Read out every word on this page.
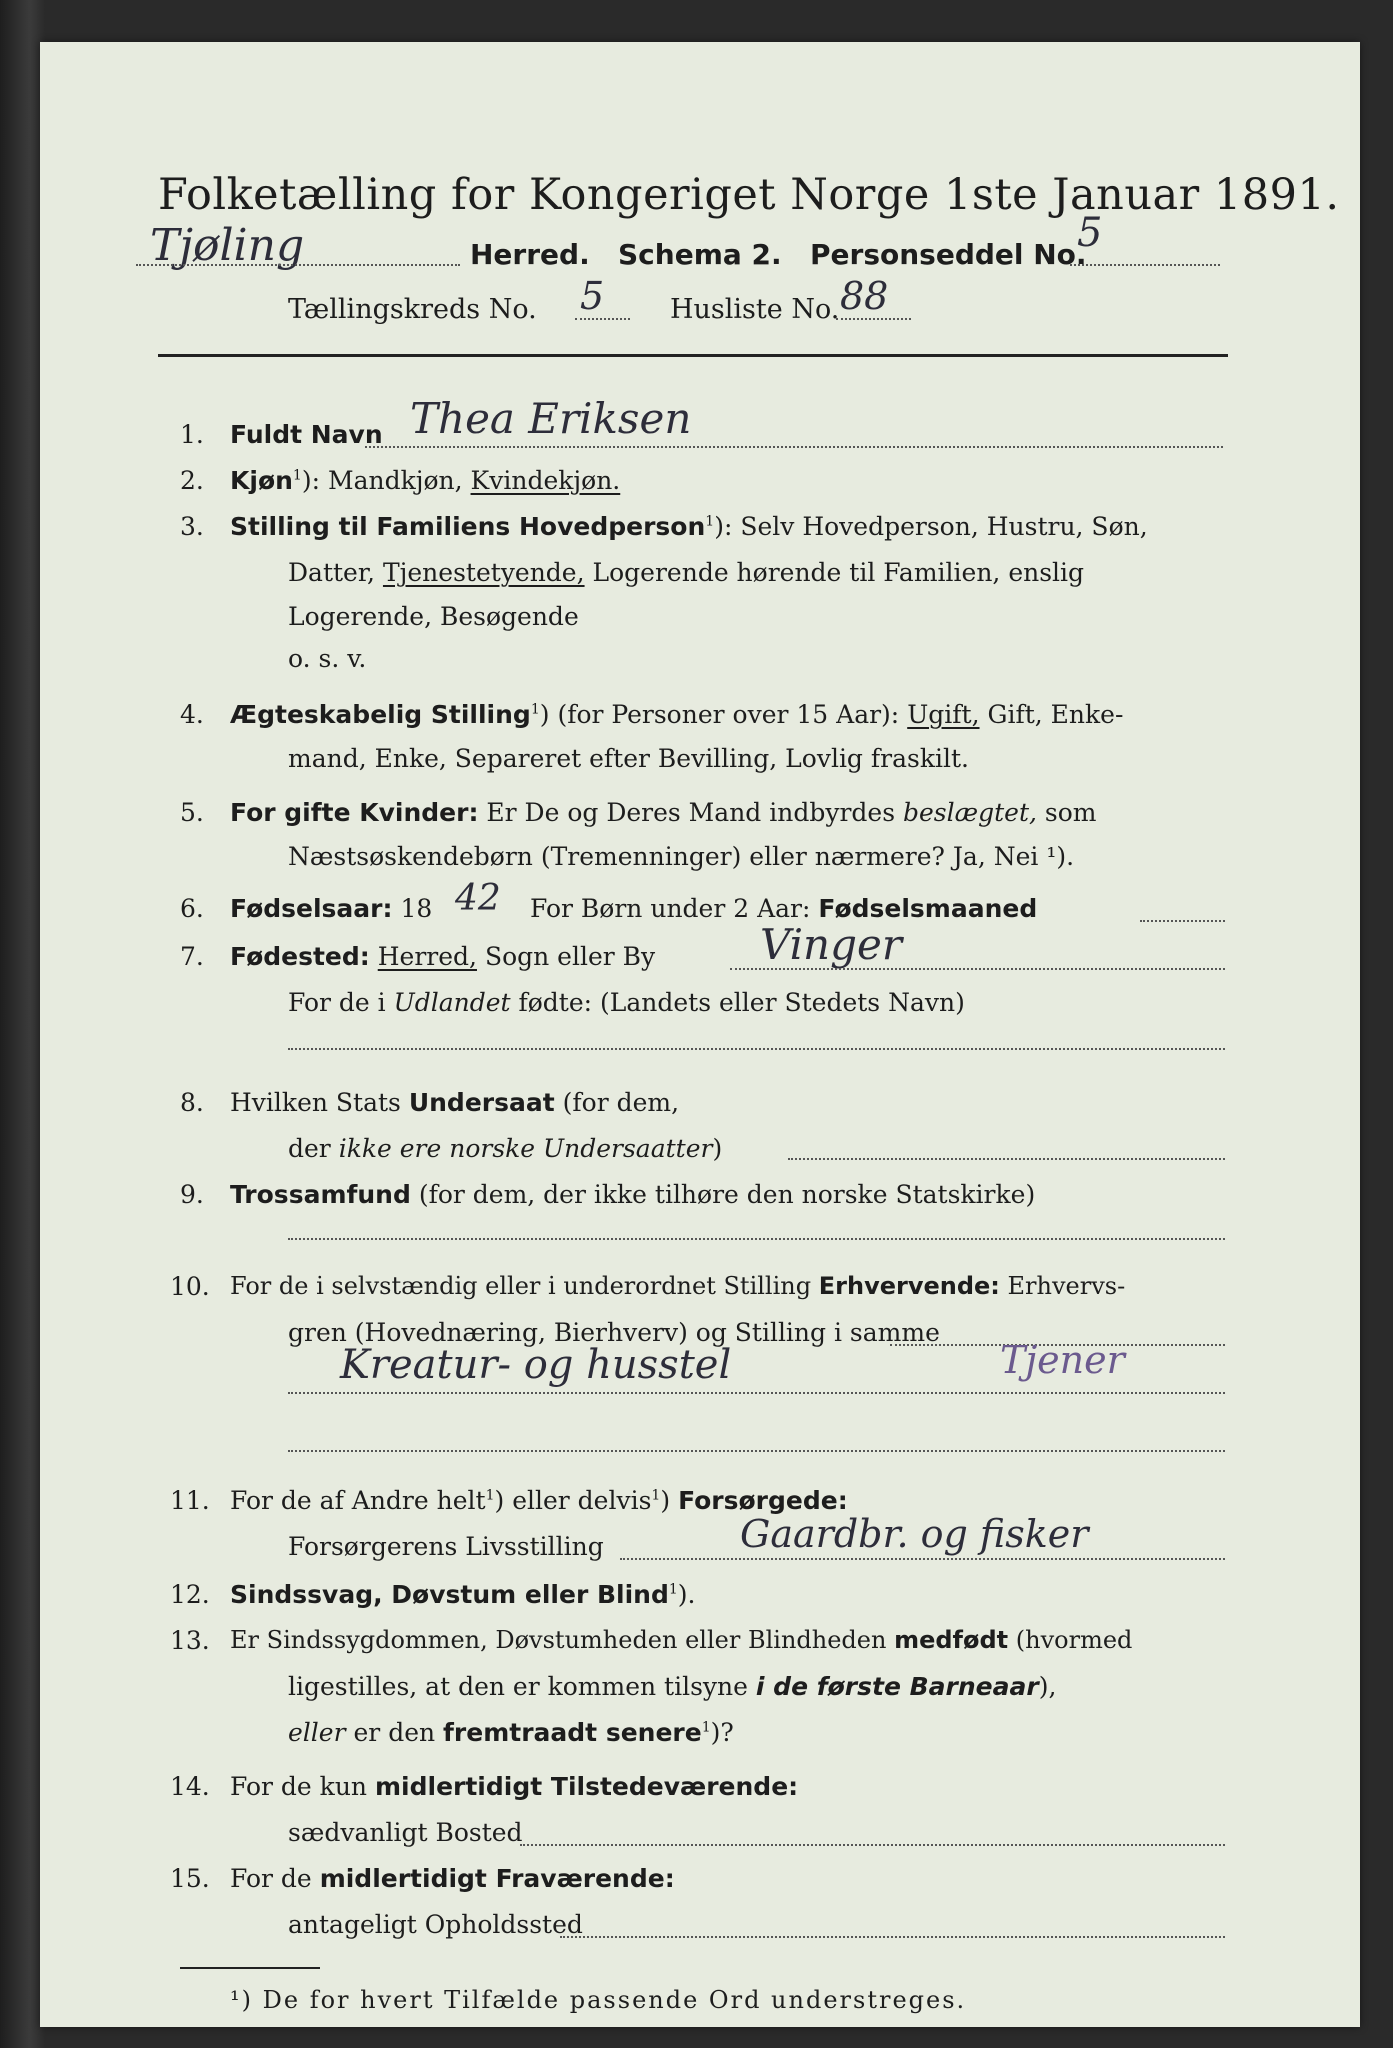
Folketælling for Kongeriget Norge 1ste Januar 1891.
Tjøling	Herred. Schema 2. Personseddel No.
5
Tællingskreds No. 5 Husliste No. 88
1. Fuldt Navn Thea Eriksen
2. Kjøn$^1$): Mandkjøn, Kvindekjøn.
3. Stilling til Familiens Hovedperson$^1$): Selv Hovedperson, Hustru, Søn,
Datter, Tjenestetyende, Logerende hørende til Familien, enslig
Logerende, Besøgende
o. s. v.
4. Ægteskabelig Stilling$^1$) (for Personer over 15 Aar): Ugift, Gift, Enke-
mand, Enke, Separeret efter Bevilling, Lovlig fraskilt.
5. For gifte Kvinder: Er De og Deres Mand indbyrdes beslægtet, som
Næstsøskendebørn (Tremenninger) eller nærmere? Ja, Nei ¹).
6. Fødselsaar: 18 42 For Børn under 2 Aar: Fødselsmaaned
7. Fødested: Herred, Sogn eller By Vinger
For de i Udlandet fødte: (Landets eller Stedets Navn)
8. Hvilken Stats Undersaat (for dem,
der ikke ere norske Undersaatter)
9. Trossamfund (for dem, der ikke tilhøre den norske Statskirke)
10. For de i selvstændig eller i underordnet Stilling Erhvervende: Erhvervs-
gren (Hovednæring, Bierhverv) og Stilling i samme
Kreatur- og husstel	Tjener
11. For de af Andre helt$^1$) eller delvis$^1$) Forsørgede:
Forsørgerens Livsstilling	Gaardbr. og fisker
12. Sindssvag, Døvstum eller Blind$^1$).
13. Er Sindssygdommen, Døvstumheden eller Blindheden medfødt (hvormed
ligestilles, at den er kommen tilsyne i de første Barneaar),
eller er den fremtraadt senere$^1$)?
14. For de kun midlertidigt Tilstedeværende:
sædvanligt Bosted
15. For de midlertidigt Fraværende:
antageligt Opholdssted
¹) De for hvert Tilfælde passende Ord understreges.
